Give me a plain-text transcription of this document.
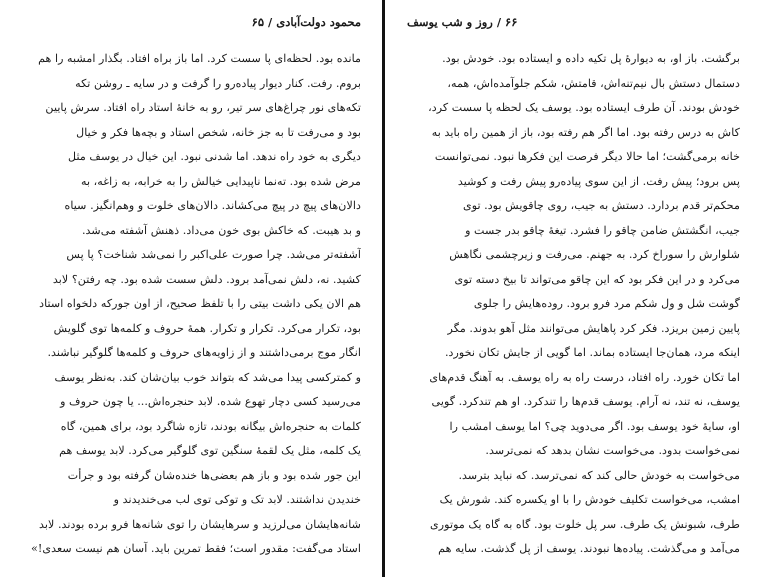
محمود دولت‌آبادی / ۶۵
مانده بود. لحظه‌ای پا سست کرد. اما باز براه افتاد. بگذار امشبه را هم
بروم. رفت. کنار دیوار پیاده‌رو را گرفت و در سایه ـ روشن تکه
تکه‌های نور چراغ‌های سر تیر، رو به خانهٔ استاد راه افتاد. سرش پایین
بود و می‌رفت تا به جز خانه، شخص استاد و بچه‌ها فکر و خیال
دیگری به خود راه ندهد. اما شدنی نبود. این خیال در یوسف مثل
مرض شده بود. ته‌نما ناپیدایی خیالش را به خرابه، به زاغه، به
دالان‌های پیچ در پیچ می‌کشاند. دالان‌های خلوت و وهم‌انگیز. سیاه
و بد هیبت. که خاکش بوی خون می‌داد. ذهنش آشفته می‌شد.
آشفته‌تر می‌شد. چرا صورت علی‌اکبر را نمی‌شد شناخت؟ پا پس
کشید. نه، دلش نمی‌آمد برود. دلش سست شده بود. چه رفتن؟ لابد
هم الان یکی داشت بیتی را با تلفظ صحیح، از اون جورکه دلخواه استاد
بود، تکرار می‌کرد. تکرار و تکرار. همهٔ حروف و کلمه‌ها توی گلویش
انگار موج برمی‌داشتند و از زاویه‌های حروف و کلمه‌ها گلوگیر نباشند.
و کمترکسی پیدا می‌شد که بتواند خوب بیان‌شان کند. به‌نظر یوسف
می‌رسید کسی دچار تهوع شده. لابد حنجره‌اش... یا چون حروف و
کلمات به حنجره‌اش بیگانه بودند، تازه شاگرد بود، برای همین، گاه
یک کلمه، مثل یک لقمهٔ سنگین توی گلوگیر می‌کرد. لابد یوسف هم
این جور شده بود و باز هم بعضی‌ها خنده‌شان گرفته بود و جرأت
خندیدن نداشتند. لابد تک و توکی توی لب می‌خندیدند و
شانه‌هایشان می‌لرزید و سرهایشان را توی شانه‌ها فرو برده بودند. لابد
استاد می‌گفت: مقدور است؛ فقط تمرین باید. آسان هم نیست سعدی!»
۶۶ / روز و شب یوسف
برگشت. باز او، به دیوارهٔ پل تکیه داده و ایستاده بود. خودش بود.
دستمال دستش بال نیم‌تنه‌اش، قامتش، شکم جلوآمده‌اش، همه،
خودش بودند. آن طرف ایستاده بود. یوسف یک لحظه پا سست کرد،
کاش به درس رفته بود. اما اگر هم رفته بود، باز از همین راه باید به
خانه برمی‌گشت؛ اما حالا دیگر فرصت این فکرها نبود. نمی‌توانست
پس برود؛ پیش رفت. از این سوی پیاده‌رو پیش رفت و کوشید
محکم‌تر قدم بردارد. دستش به جیب، روی چاقویش بود. توی
جیب، انگشتش ضامن چاقو را فشرد. تیغهٔ چاقو بدر جست و
شلوارش را سوراخ کرد. به جهنم. می‌رفت و زیرچشمی نگاهش
می‌کرد و در این فکر بود که این چاقو می‌تواند تا بیخ دسته توی
گوشت شل و ول شکم مرد فرو برود. روده‌هایش را جلوی
پایین زمین بریزد. فکر کرد پاهایش می‌توانند مثل آهو بدوند. مگر
اینکه مرد، همان‌جا ایستاده بماند. اما گویی از جایش تکان نخورد.
اما تکان خورد. راه افتاد، درست راه به راه یوسف. به آهنگ قدم‌های
یوسف، نه تند، نه آرام. یوسف قدم‌ها را تندکرد. او هم تندکرد. گویی
او، سایهٔ خود یوسف بود. اگر می‌دوید چی؟ اما یوسف امشب را
نمی‌خواست بدود. می‌خواست نشان بدهد که نمی‌ترسد.
می‌خواست به خودش حالی کند که نمی‌ترسد. که نباید بترسد.
امشب، می‌خواست تکلیف خودش را با او یکسره کند. شورش یک
طرف، شبونش یک طرف. سر پل خلوت بود. گاه به گاه یک موتوری
می‌آمد و می‌گذشت. پیاده‌ها نبودند. یوسف از پل گذشت. سایه هم
